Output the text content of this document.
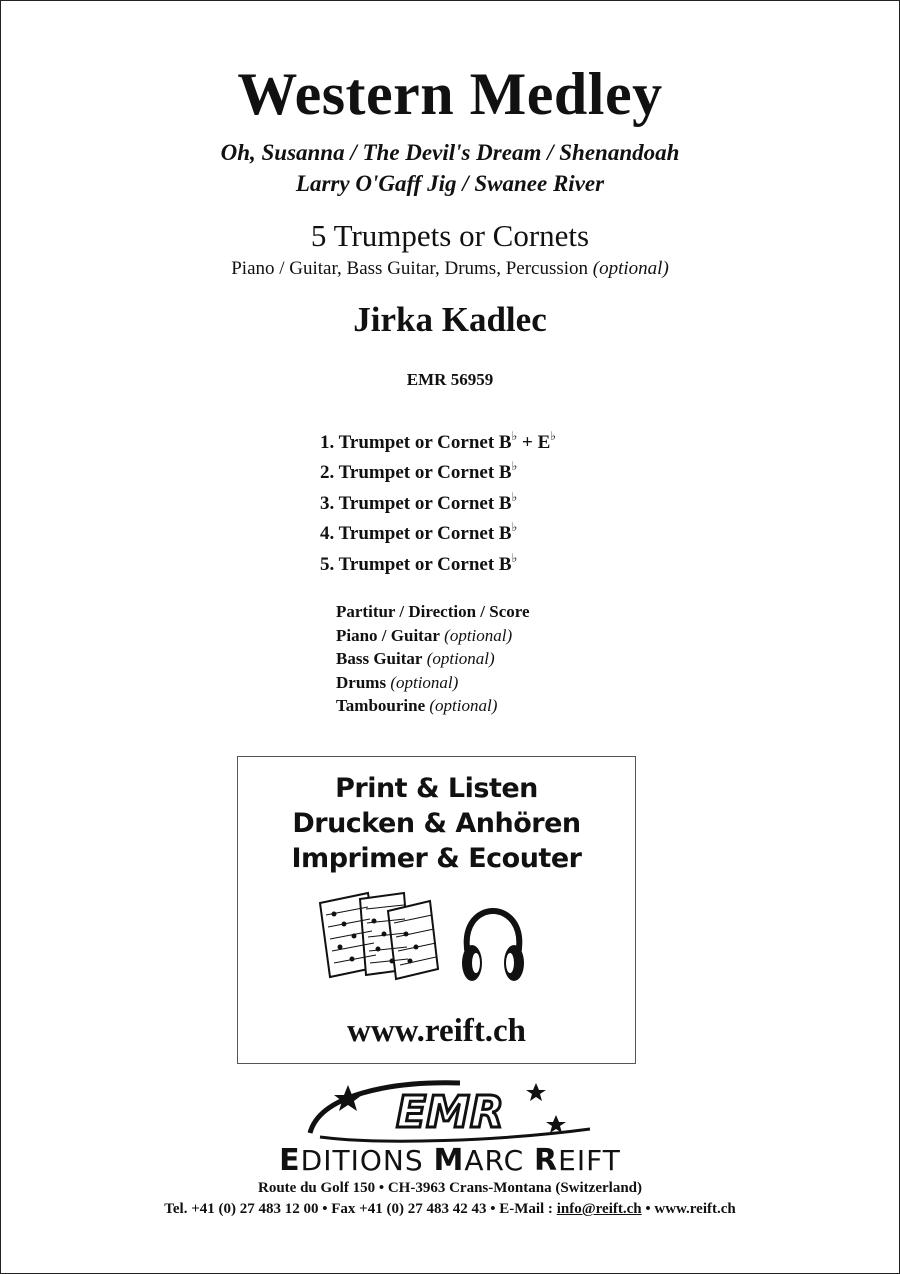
Western Medley
Oh, Susanna / The Devil's Dream / Shenandoah
Larry O'Gaff Jig / Swanee River
5 Trumpets or Cornets
Piano / Guitar, Bass Guitar, Drums, Percussion (optional)
Jirka Kadlec
EMR 56959
1. Trumpet or Cornet B♭ + E♭
2. Trumpet or Cornet B♭
3. Trumpet or Cornet B♭
4. Trumpet or Cornet B♭
5. Trumpet or Cornet B♭
Partitur / Direction / Score
Piano / Guitar (optional)
Bass Guitar (optional)
Drums (optional)
Tambourine (optional)
Print & Listen
Drucken & Anhören
Imprimer & Ecouter
www.reift.ch
EMR
EDITIONS MARC REIFT
Route du Golf 150 • CH-3963 Crans-Montana (Switzerland)
Tel. +41 (0) 27 483 12 00 • Fax +41 (0) 27 483 42 43 • E-Mail : info@reift.ch • www.reift.ch
